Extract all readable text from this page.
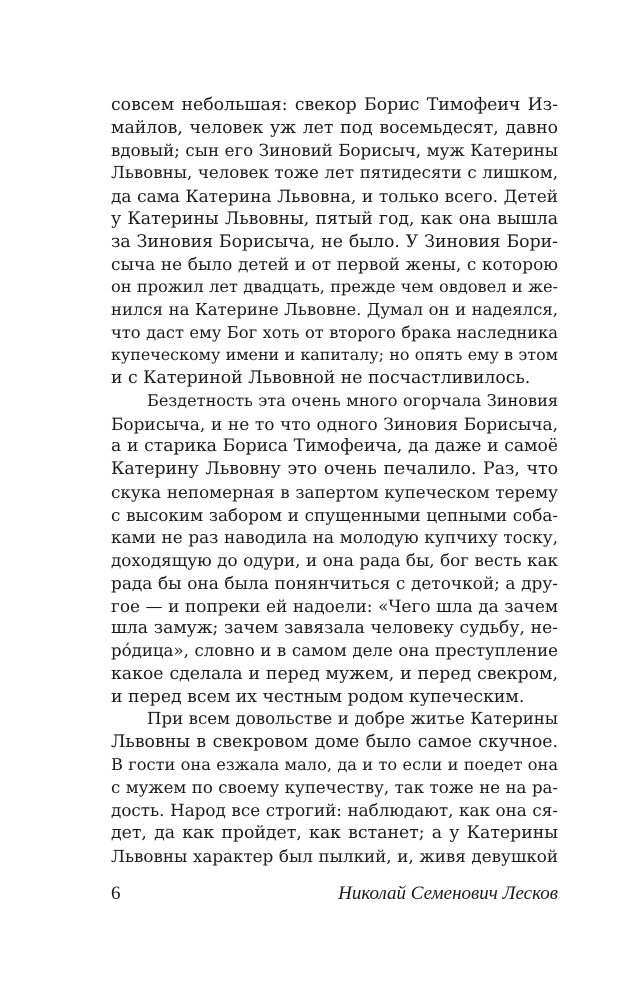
совсем небольшая: свекор Борис Тимофеич Из-
майлов, человек уж лет под восемьдесят, давно
вдовый; сын его Зиновий Борисыч, муж Катерины
Львовны, человек тоже лет пятидесяти с лишком,
да сама Катерина Львовна, и только всего. Детей
у Катерины Львовны, пятый год, как она вышла
за Зиновия Борисыча, не было. У Зиновия Бори-
сыча не было детей и от первой жены, с которою
он прожил лет двадцать, прежде чем овдовел и же-
нился на Катерине Львовне. Думал он и надеялся,
что даст ему Бог хоть от второго брака наследника
купеческому имени и капиталу; но опять ему в этом
и с Катериной Львовной не посчастливилось.
Бездетность эта очень много огорчала Зиновия
Борисыча, и не то что одного Зиновия Борисыча,
а и старика Бориса Тимофеича, да даже и самоё
Катерину Львовну это очень печалило. Раз, что
скука непомерная в запертом купеческом терему
с высоким забором и спущенными цепными соба-
ками не раз наводила на молодую купчиху тоску,
доходящую до одури, и она рада бы, бог весть как
рада бы она была понянчиться с деточкой; а дру-
гое — и попреки ей надоели: «Чего шла да зачем
шла замуж; зачем завязала человеку судьбу, не-
рóдица», словно и в самом деле она преступление
какое сделала и перед мужем, и перед свекром,
и перед всем их честным родом купеческим.
При всем довольстве и добре житье Катерины
Львовны в свекровом доме было самое скучное.
В гости она езжала мало, да и то если и поедет она
с мужем по своему купечеству, так тоже не на ра-
дость. Народ все строгий: наблюдают, как она ся-
дет, да как пройдет, как встанет; а у Катерины
Львовны характер был пылкий, и, живя девушкой
6	Николай Семенович Лесков
